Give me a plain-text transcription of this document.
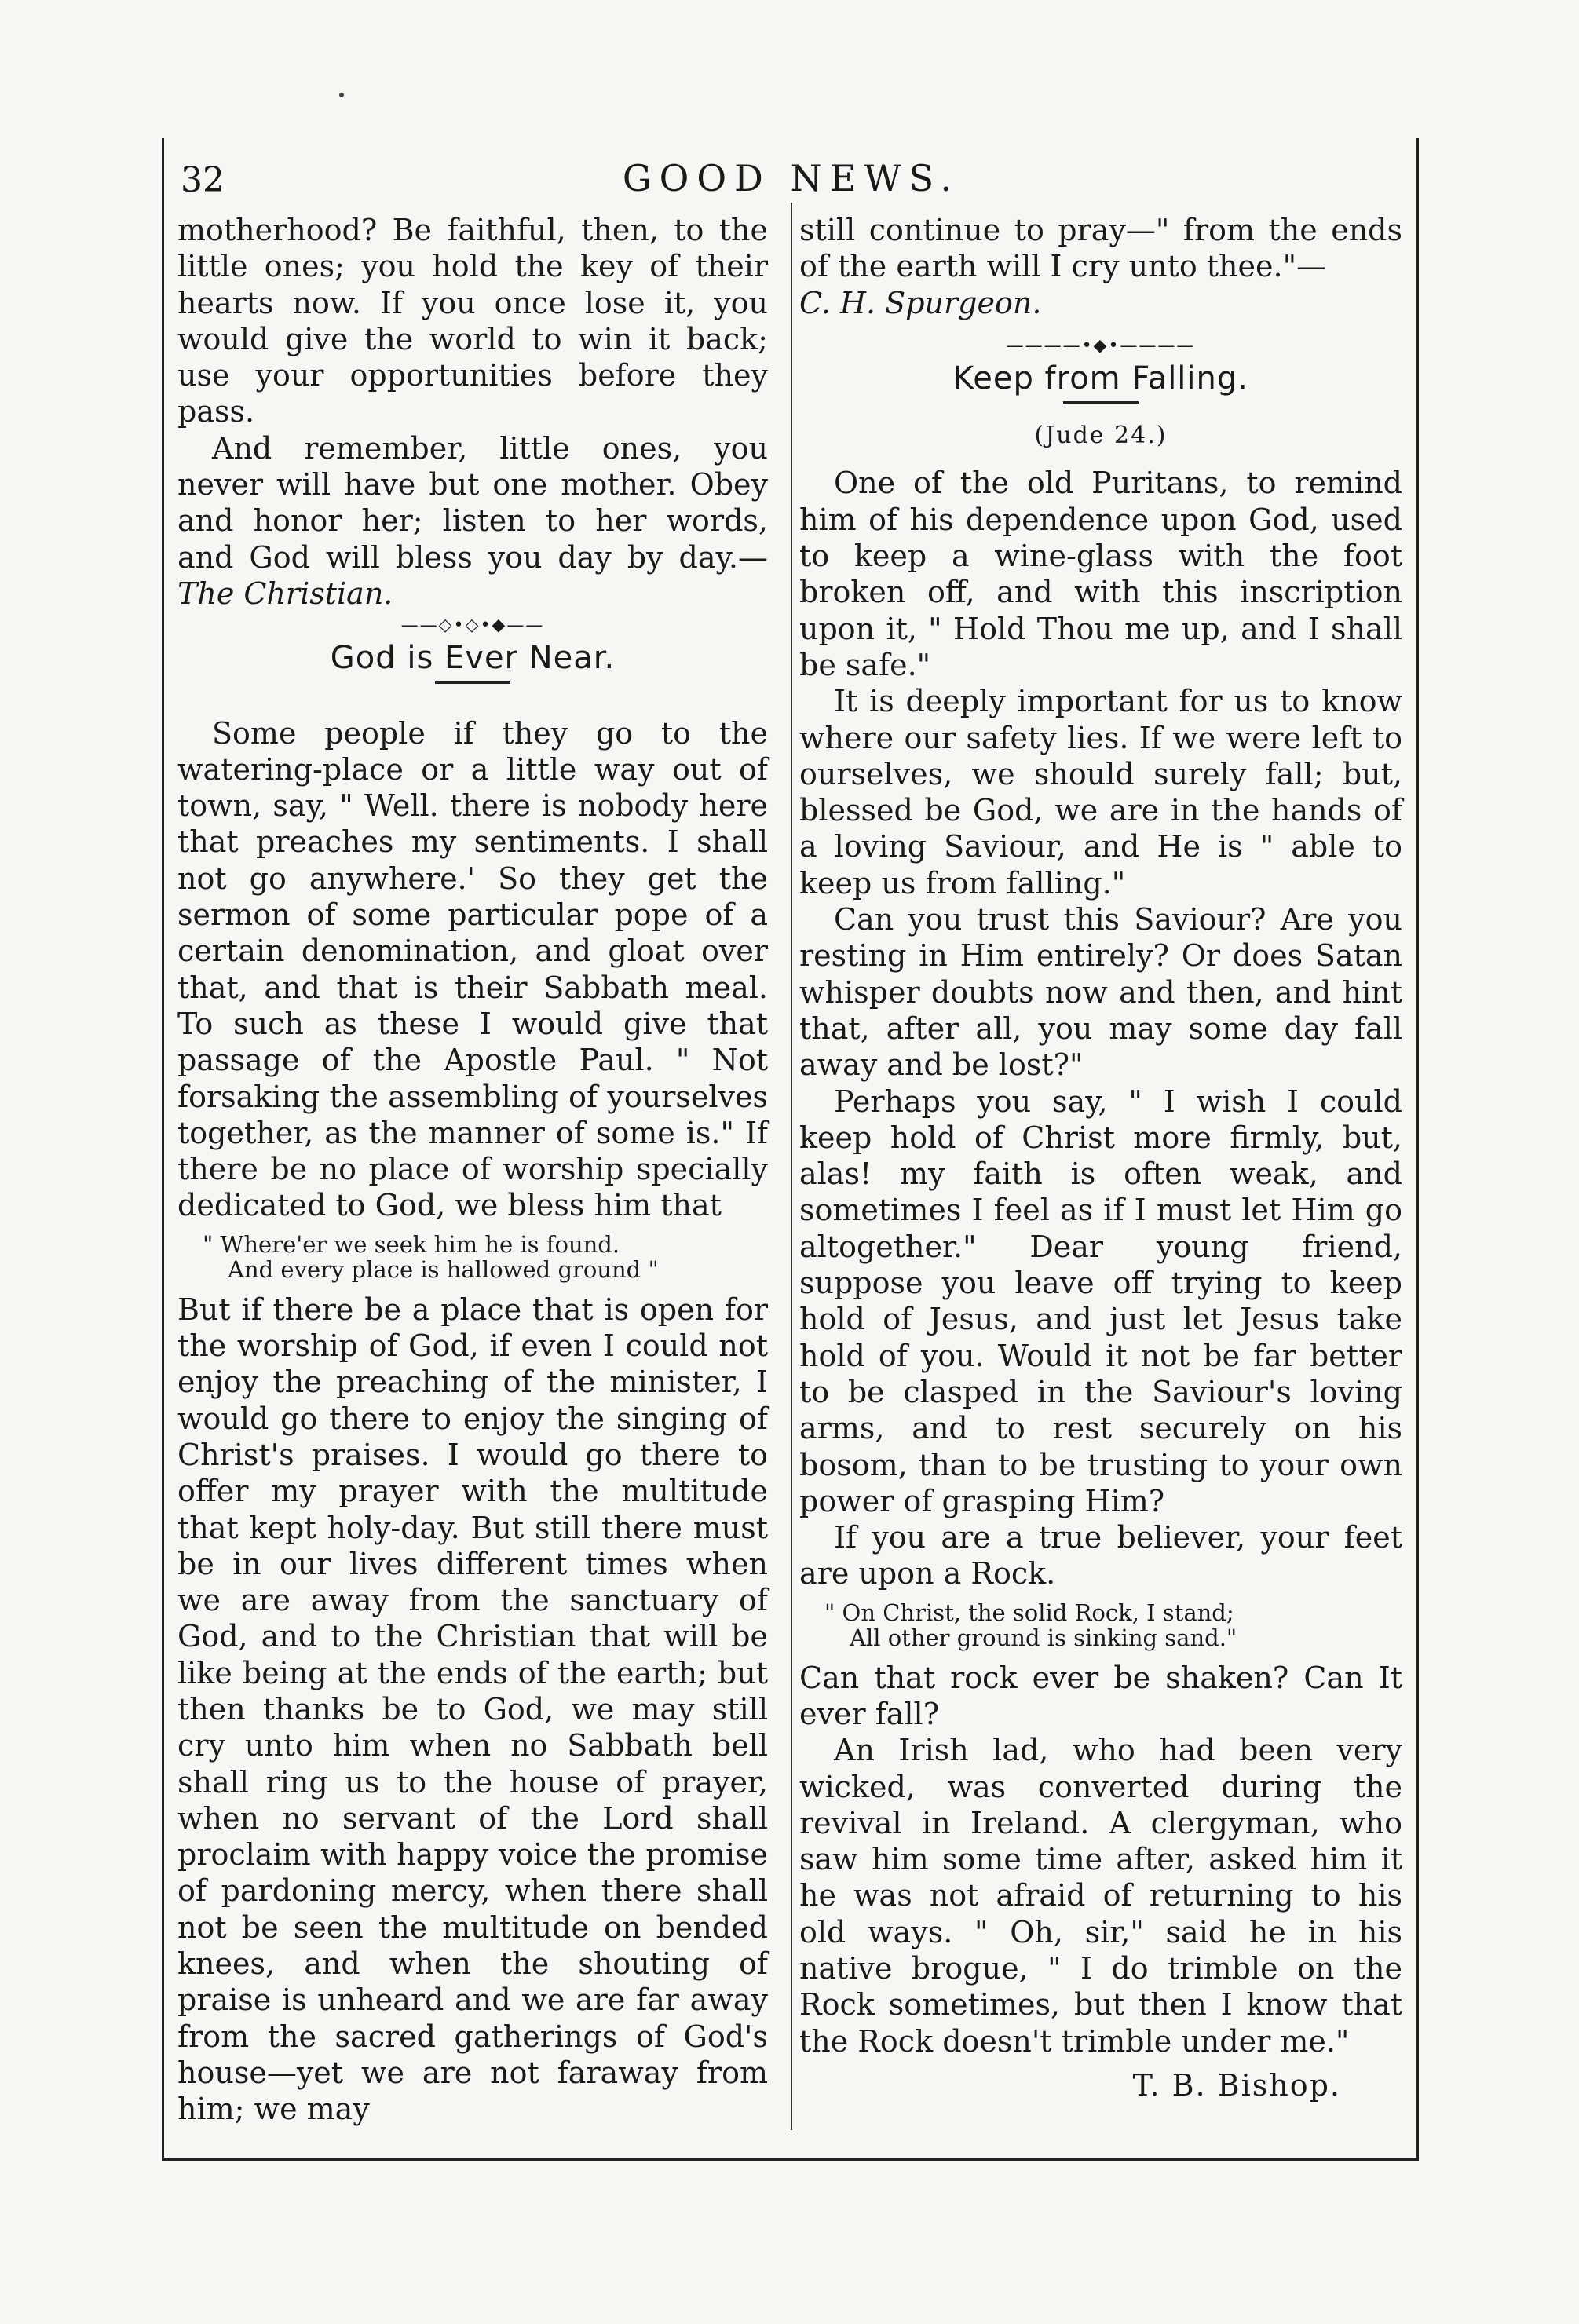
32	GOOD NEWS.

motherhood? Be faithful, then, to the little ones; you hold the key of their hearts now. If you once lose it, you would give the world to win it back; use your opportunities before they pass.

And remember, little ones, you never will have but one mother. Obey and honor her; listen to her words, and God will bless you day by day.—The Christian.

——◇•◇•◆——
God is Ever Near.

Some people if they go to the watering-place or a little way out of town, say, " Well. there is nobody here that preaches my sentiments. I shall not go anywhere.' So they get the sermon of some particular pope of a certain denomination, and gloat over that, and that is their Sabbath meal. To such as these I would give that passage of the Apostle Paul. " Not forsaking the assembling of yourselves together, as the manner of some is." If there be no place of worship specially dedicated to God, we bless him that

" Where'er we seek him he is found.
And every place is hallowed ground "

But if there be a place that is open for the worship of God, if even I could not enjoy the preaching of the minister, I would go there to enjoy the singing of Christ's praises. I would go there to offer my prayer with the multitude that kept holy-day. But still there must be in our lives different times when we are away from the sanctuary of God, and to the Christian that will be like being at the ends of the earth; but then thanks be to God, we may still cry unto him when no Sabbath bell shall ring us to the house of prayer, when no servant of the Lord shall proclaim with happy voice the promise of pardoning mercy, when there shall not be seen the multitude on bended knees, and when the shouting of praise is unheard and we are far away from the sacred gatherings of God's house—yet we are not faraway from him; we may

still continue to pray—" from the ends of the earth will I cry unto thee."—
C. H. Spurgeon.

————•◆•————
Keep from Falling.
(Jude 24.)

One of the old Puritans, to remind him of his dependence upon God, used to keep a wine-glass with the foot broken off, and with this inscription upon it, " Hold Thou me up, and I shall be safe."

It is deeply important for us to know where our safety lies. If we were left to ourselves, we should surely fall; but, blessed be God, we are in the hands of a loving Saviour, and He is " able to keep us from falling."

Can you trust this Saviour? Are you resting in Him entirely? Or does Satan whisper doubts now and then, and hint that, after all, you may some day fall away and be lost?"

Perhaps you say, " I wish I could keep hold of Christ more firmly, but, alas! my faith is often weak, and sometimes I feel as if I must let Him go altogether." Dear young friend, suppose you leave off trying to keep hold of Jesus, and just let Jesus take hold of you. Would it not be far better to be clasped in the Saviour's loving arms, and to rest securely on his bosom, than to be trusting to your own power of grasping Him?

If you are a true believer, your feet are upon a Rock.

" On Christ, the solid Rock, I stand;
All other ground is sinking sand."

Can that rock ever be shaken? Can It ever fall?

An Irish lad, who had been very wicked, was converted during the revival in Ireland. A clergyman, who saw him some time after, asked him it he was not afraid of returning to his old ways. " Oh, sir," said he in his native brogue, " I do trimble on the Rock sometimes, but then I know that the Rock doesn't trimble under me."

T. B. Bishop.
